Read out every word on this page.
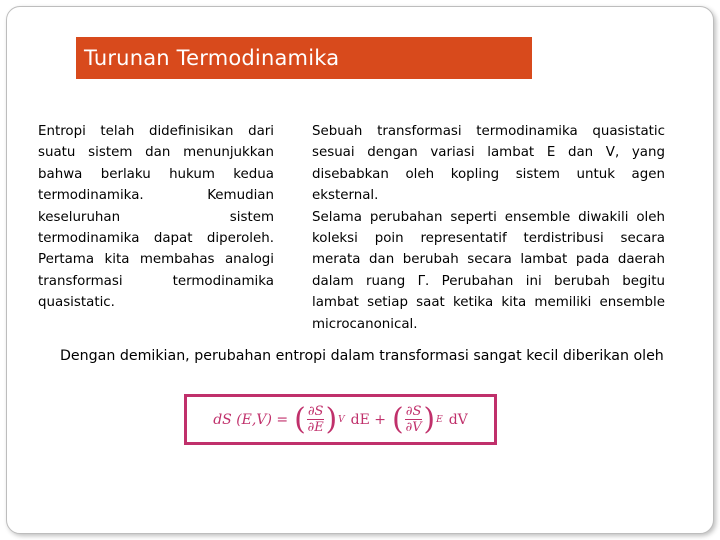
Turunan Termodinamika

Entropi telah didefinisikan dari suatu sistem dan menunjukkan bahwa berlaku hukum kedua termodinamika. Kemudian keseluruhan sistem termodinamika dapat diperoleh. Pertama kita membahas analogi transformasi termodinamika quasistatic.

Sebuah transformasi termodinamika quasistatic sesuai dengan variasi lambat E dan V, yang disebabkan oleh kopling sistem untuk agen eksternal.

Selama perubahan seperti ensemble diwakili oleh koleksi poin representatif terdistribusi secara merata dan berubah secara lambat pada daerah dalam ruang Γ. Perubahan ini berubah begitu lambat setiap saat ketika kita memiliki ensemble microcanonical.

Dengan demikian, perubahan entropi dalam transformasi sangat kecil diberikan oleh
dS (E,V) = ( $\frac{\partial S}{\partial E}$ ) V dE + ( $\frac{\partial S}{\partial V}$ ) E dV
